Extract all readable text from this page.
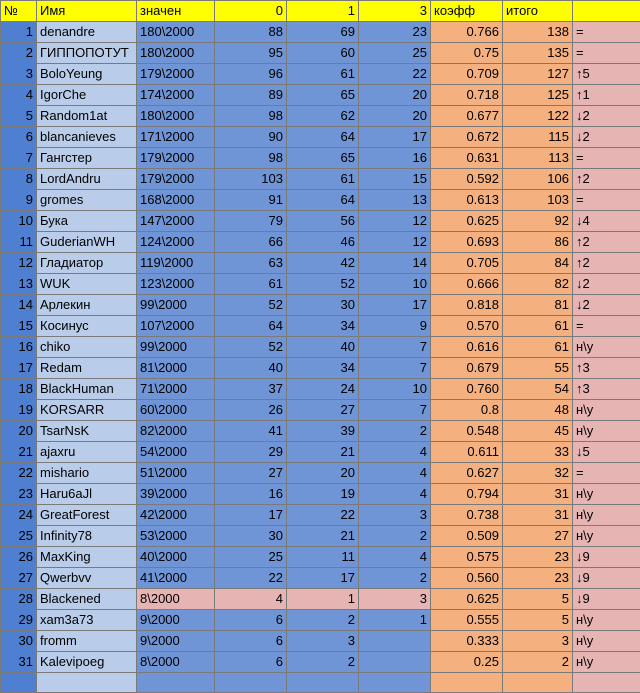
№	Имя	значен	0	1	3	коэфф	итого	
1	denandre	180\2000	88	69	23	0.766	138	=
2	ГИППОПОТУТ	180\2000	95	60	25	0.75	135	=
3	BoloYeung	179\2000	96	61	22	0.709	127	↑5
4	IgorChe	174\2000	89	65	20	0.718	125	↑1
5	Random1at	180\2000	98	62	20	0.677	122	↓2
6	blancanieves	171\2000	90	64	17	0.672	115	↓2
7	Гангстер	179\2000	98	65	16	0.631	113	=
8	LordAndru	179\2000	103	61	15	0.592	106	↑2
9	gromes	168\2000	91	64	13	0.613	103	=
10	Бука	147\2000	79	56	12	0.625	92	↓4
11	GuderianWH	124\2000	66	46	12	0.693	86	↑2
12	Гладиатор	119\2000	63	42	14	0.705	84	↑2
13	WUK	123\2000	61	52	10	0.666	82	↓2
14	Арлекин	99\2000	52	30	17	0.818	81	↓2
15	Косинус	107\2000	64	34	9	0.570	61	=
16	chiko	99\2000	52	40	7	0.616	61	н\у
17	Redam	81\2000	40	34	7	0.679	55	↑3
18	BlackHuman	71\2000	37	24	10	0.760	54	↑3
19	KORSARR	60\2000	26	27	7	0.8	48	н\у
20	TsarNsK	82\2000	41	39	2	0.548	45	н\у
21	ajaxru	54\2000	29	21	4	0.611	33	↓5
22	mishario	51\2000	27	20	4	0.627	32	=
23	Haru6aJl	39\2000	16	19	4	0.794	31	н\у
24	GreatForest	42\2000	17	22	3	0.738	31	н\у
25	Infinity78	53\2000	30	21	2	0.509	27	н\у
26	MaxKing	40\2000	25	11	4	0.575	23	↓9
27	Qwerbvv	41\2000	22	17	2	0.560	23	↓9
28	Blackened	8\2000	4	1	3	0.625	5	↓9
29	xam3a73	9\2000	6	2	1	0.555	5	н\у
30	fromm	9\2000	6	3		0.333	3	н\у
31	Kalevipoeg	8\2000	6	2		0.25	2	н\у
